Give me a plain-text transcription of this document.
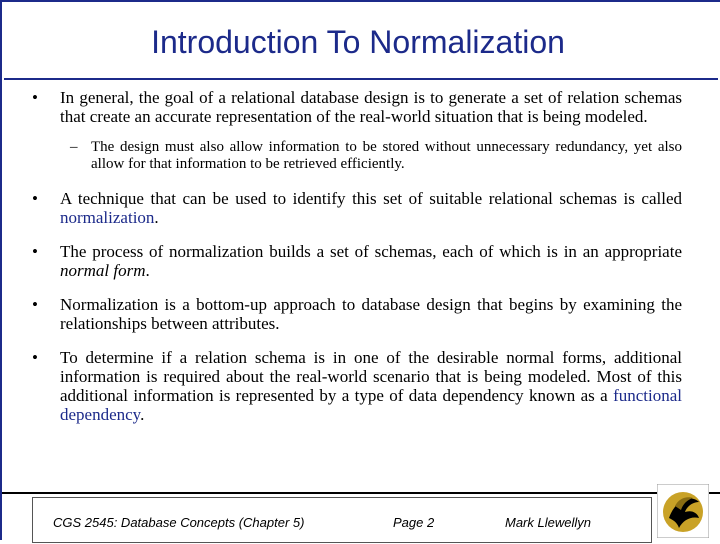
Introduction To Normalization
• In general, the goal of a relational database design is to generate a set of relation schemas that create an accurate representation of the real-world situation that is being modeled.
– The design must also allow information to be stored without unnecessary redundancy, yet also allow for that information to be retrieved efficiently.
• A technique that can be used to identify this set of suitable relational schemas is called normalization.
• The process of normalization builds a set of schemas, each of which is in an appropriate normal form.
• Normalization is a bottom-up approach to database design that begins by examining the relationships between attributes.
• To determine if a relation schema is in one of the desirable normal forms, additional information is required about the real-world scenario that is being modeled. Most of this additional information is represented by a type of data dependency known as a functional dependency.
CGS 2545: Database Concepts (Chapter 5)	Page 2	Mark Llewellyn
